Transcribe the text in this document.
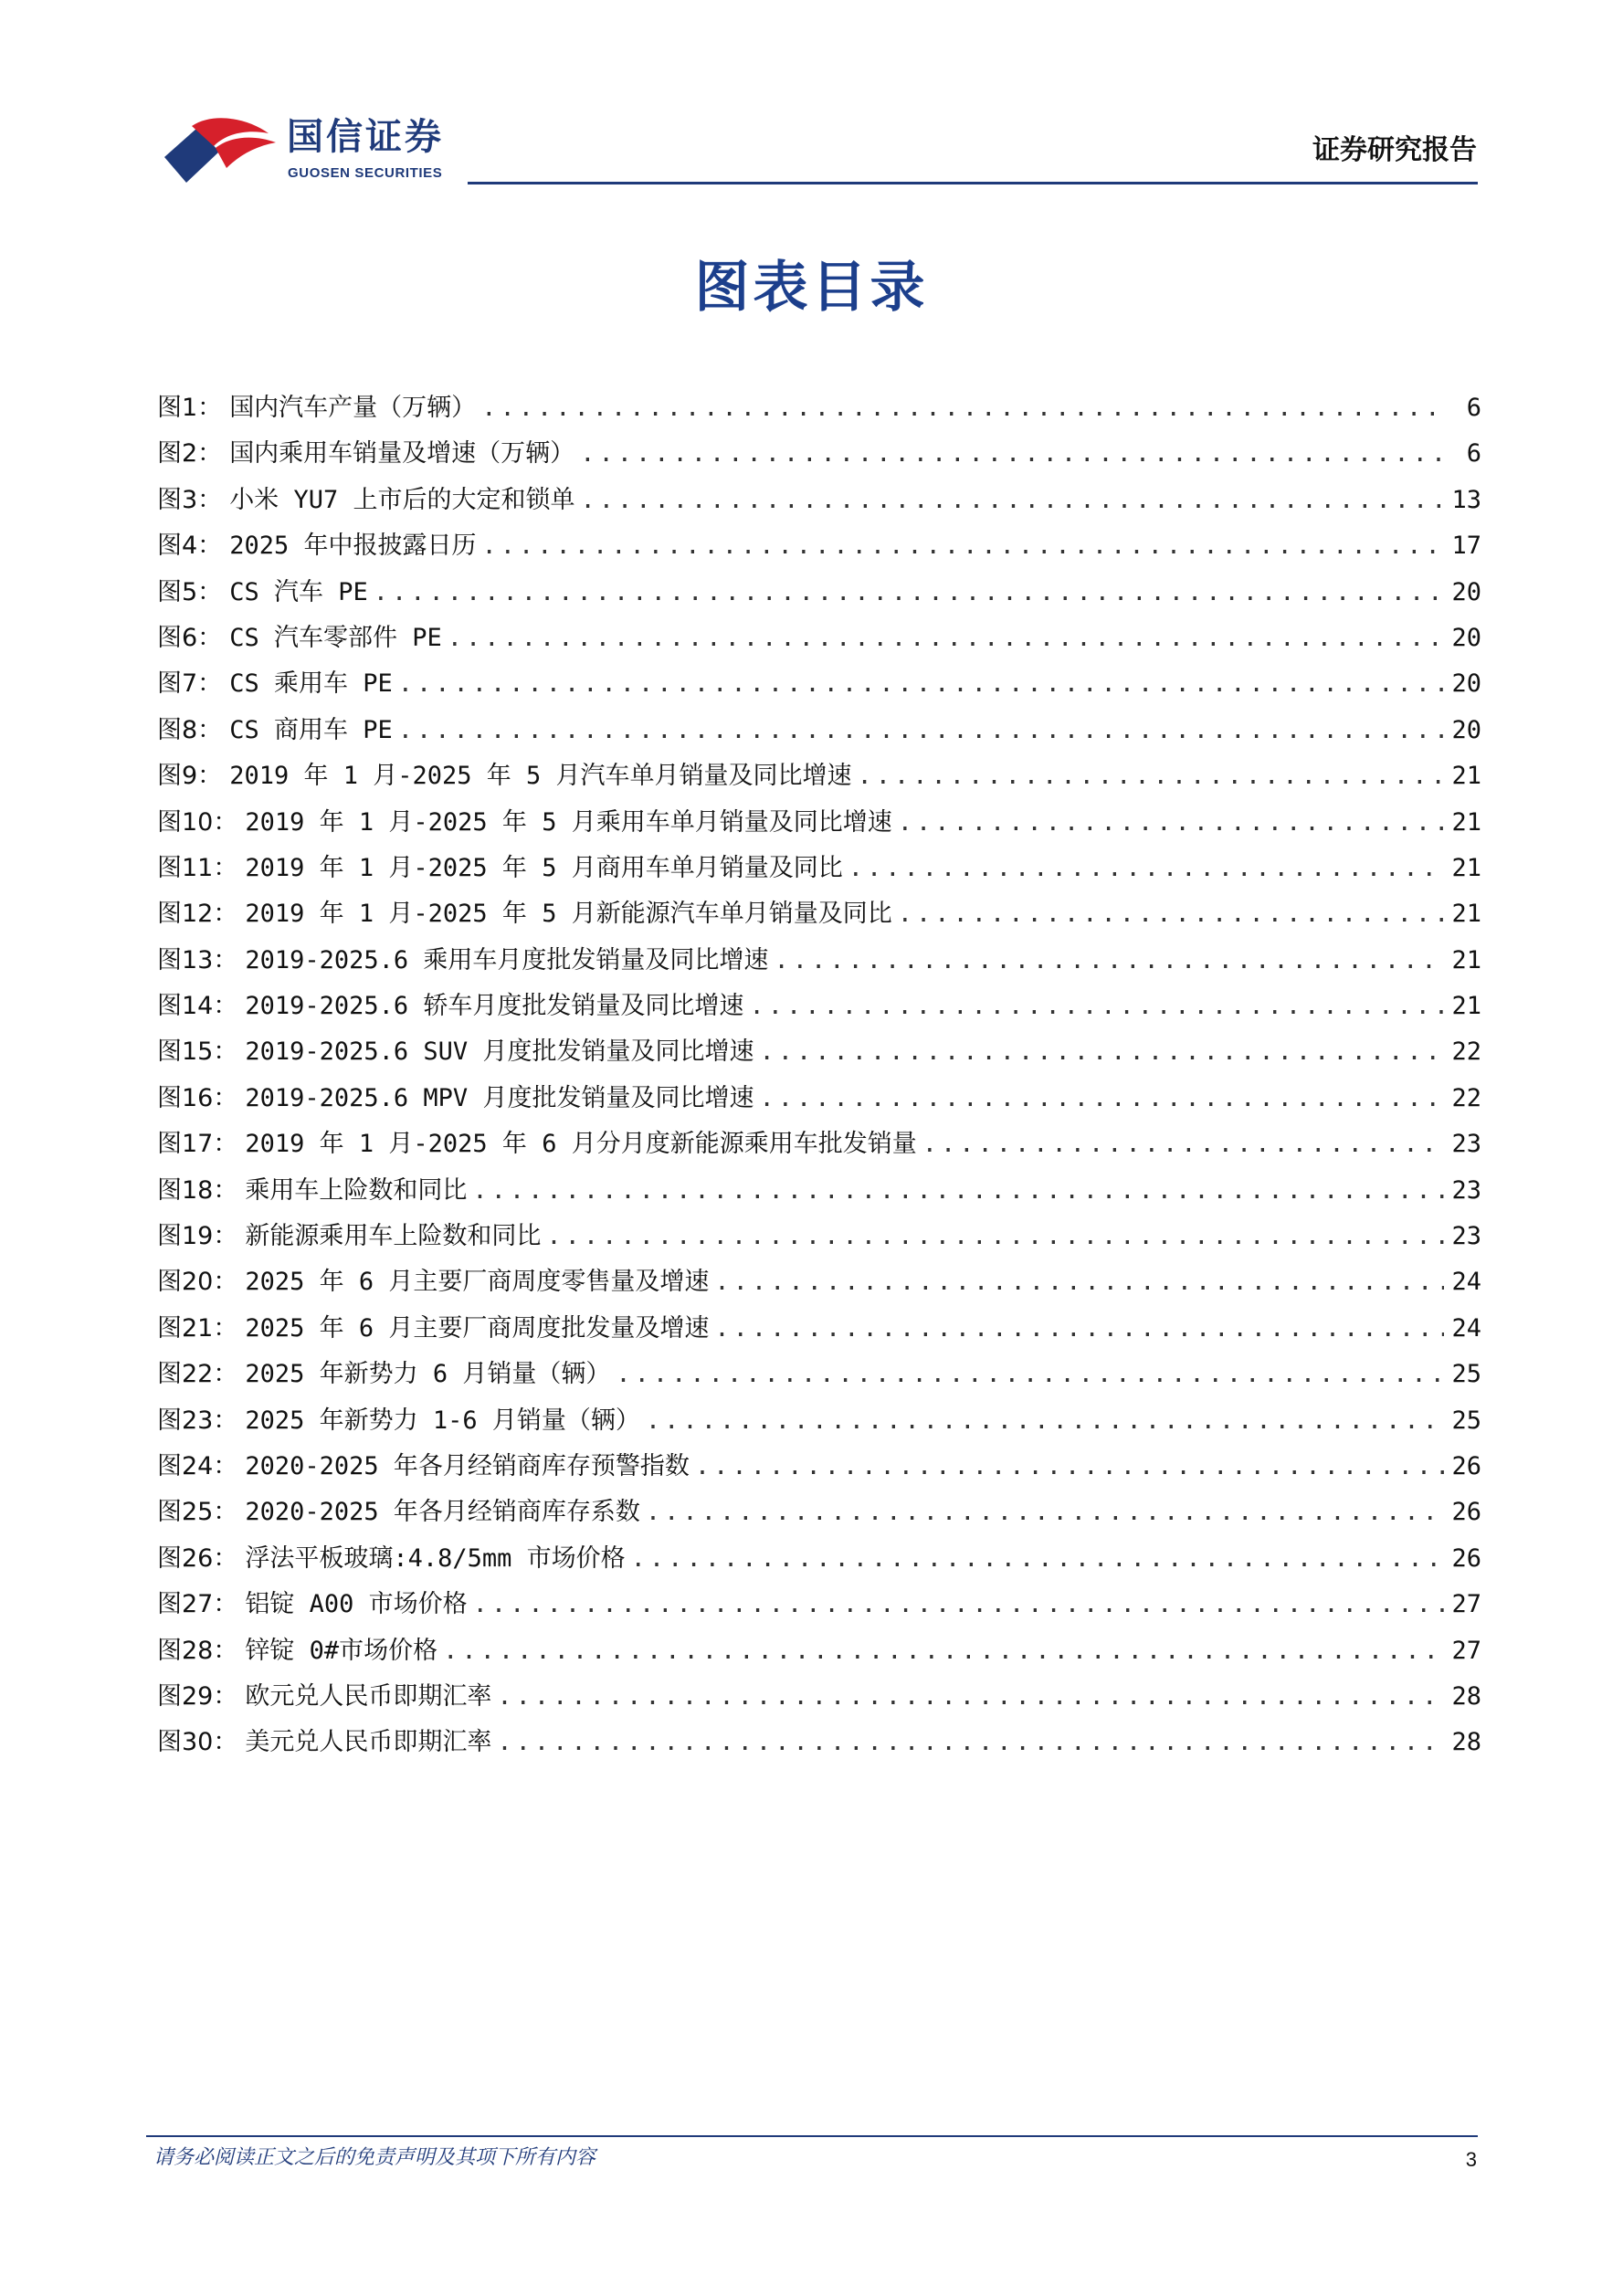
国信证券
GUOSEN SECURITIES
证券研究报告
图表目录
图1： 国内汽车产量（万辆） .....	6
图2： 国内乘用车销量及增速（万辆） .....	6
图3： 小米 YU7 上市后的大定和锁单 .....	13
图4： 2025 年中报披露日历 .....	17
图5： CS 汽车 PE .....	20
图6： CS 汽车零部件 PE .....	20
图7： CS 乘用车 PE .....	20
图8： CS 商用车 PE .....	20
图9： 2019 年 1 月-2025 年 5 月汽车单月销量及同比增速 .....	21
图10： 2019 年 1 月-2025 年 5 月乘用车单月销量及同比增速 .....	21
图11： 2019 年 1 月-2025 年 5 月商用车单月销量及同比 .....	21
图12： 2019 年 1 月-2025 年 5 月新能源汽车单月销量及同比 .....	21
图13： 2019-2025.6 乘用车月度批发销量及同比增速 .....	21
图14： 2019-2025.6 轿车月度批发销量及同比增速 .....	21
图15： 2019-2025.6 SUV 月度批发销量及同比增速 .....	22
图16： 2019-2025.6 MPV 月度批发销量及同比增速 .....	22
图17： 2019 年 1 月-2025 年 6 月分月度新能源乘用车批发销量 .....	23
图18： 乘用车上险数和同比 .....	23
图19： 新能源乘用车上险数和同比 .....	23
图20： 2025 年 6 月主要厂商周度零售量及增速 .....	24
图21： 2025 年 6 月主要厂商周度批发量及增速 .....	24
图22： 2025 年新势力 6 月销量（辆） .....	25
图23： 2025 年新势力 1-6 月销量（辆） .....	25
图24： 2020-2025 年各月经销商库存预警指数 .....	26
图25： 2020-2025 年各月经销商库存系数 .....	26
图26： 浮法平板玻璃:4.8/5mm 市场价格 .....	26
图27： 铝锭 A00 市场价格 .....	27
图28： 锌锭 0#市场价格 .....	27
图29： 欧元兑人民币即期汇率 .....	28
图30： 美元兑人民币即期汇率 .....	28
请务必阅读正文之后的免责声明及其项下所有内容	3
